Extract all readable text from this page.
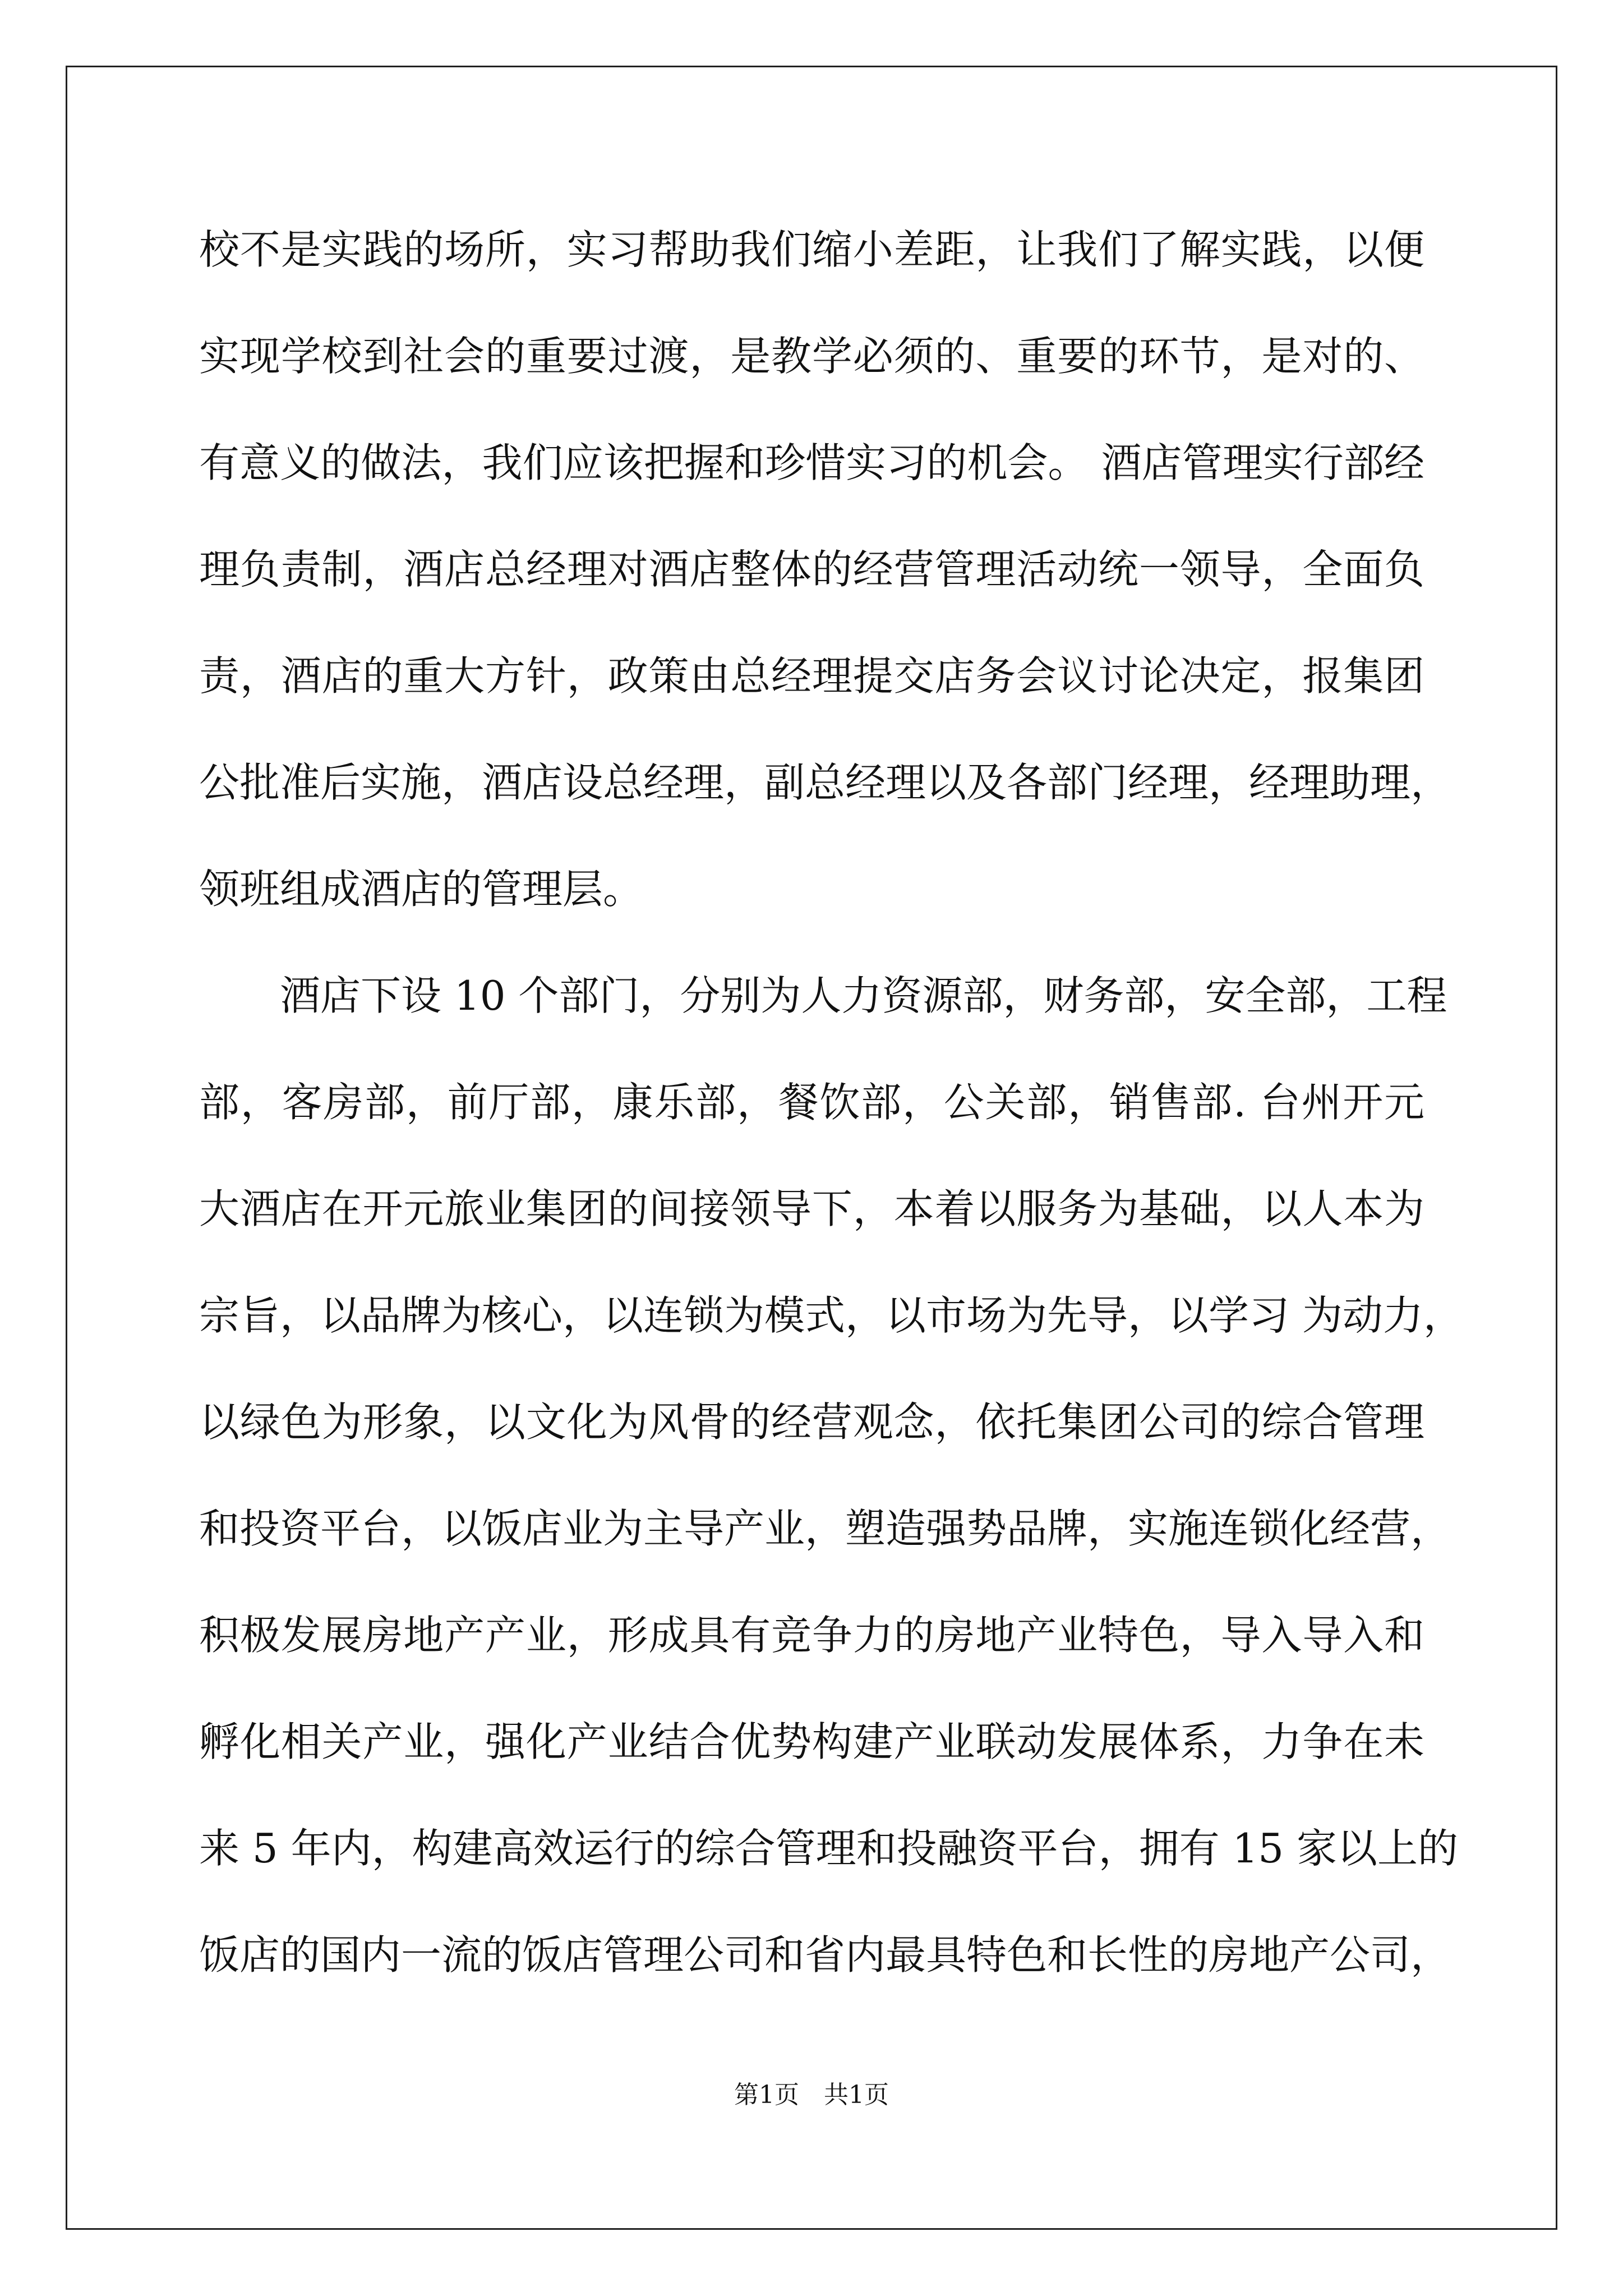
校不是实践的场所，实习帮助我们缩小差距，让我们了解实践，以便
实现学校到社会的重要过渡，是教学必须的、重要的环节，是对的、
有意义的做法，我们应该把握和珍惜实习的机会。 酒店管理实行部经
理负责制，酒店总经理对酒店整体的经营管理活动统一领导，全面负
责，酒店的重大方针，政策由总经理提交店务会议讨论决定，报集团
公批准后实施，酒店设总经理，副总经理以及各部门经理，经理助理，
领班组成酒店的管理层。
　　酒店下设 10 个部门，分别为人力资源部，财务部，安全部，工程
部，客房部，前厅部，康乐部，餐饮部，公关部，销售部. 台州开元
大酒店在开元旅业集团的间接领导下，本着以服务为基础，以人本为
宗旨，以品牌为核心，以连锁为模式，以市场为先导，以学习 为动力，
以绿色为形象，以文化为风骨的经营观念，依托集团公司的综合管理
和投资平台，以饭店业为主导产业，塑造强势品牌，实施连锁化经营，
积极发展房地产产业，形成具有竞争力的房地产业特色，导入导入和
孵化相关产业，强化产业结合优势构建产业联动发展体系，力争在未
来 5 年内，构建高效运行的综合管理和投融资平台，拥有 15 家以上的
饭店的国内一流的饭店管理公司和省内最具特色和长性的房地产公司，
第1页　共1页
